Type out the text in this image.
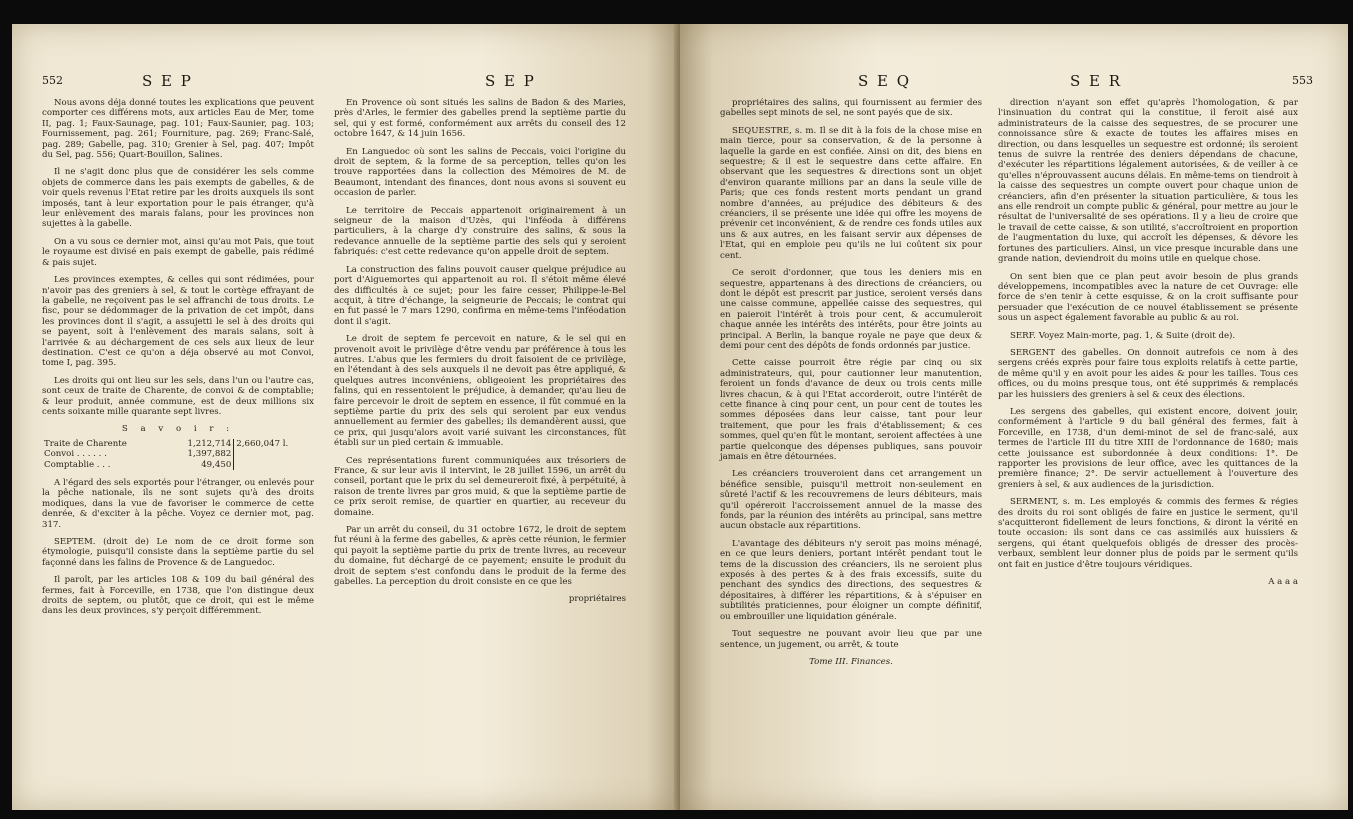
552	S E P	S E P

Nous avons déja donné toutes les explications que peuvent comporter ces différens mots, aux articles Eau de Mer, tome II, pag. 1; Faux-Saunage, pag. 101; Faux-Saunier, pag. 103; Fournissement, pag. 261; Fourniture, pag. 269; Franc-Salé, pag. 289; Gabelle, pag. 310; Grenier à Sel, pag. 407; Impôt du Sel, pag. 556; Quart-Bouillon, Salines.

Il ne s'agit donc plus que de considérer les sels comme objets de commerce dans les pais exempts de gabelles, & de voir quels revenus l'Etat retire par les droits auxquels ils sont imposés, tant à leur exportation pour le pais étranger, qu'à leur enlèvement des marais falans, pour les provinces non sujettes à la gabelle.

On a vu sous ce dernier mot, ainsi qu'au mot Pais, que tout le royaume est divisé en pais exempt de gabelle, pais rédimé & pais sujet.

Les provinces exemptes, & celles qui sont rédimées, pour n'avoir pas des greniers à sel, & tout le cortège effrayant de la gabelle, ne reçoivent pas le sel affranchi de tous droits. Le fisc, pour se dédommager de la privation de cet impôt, dans les provinces dont il s'agit, a assujetti le sel à des droits qui se payent, soit à l'enlèvement des marais salans, soit à l'arrivée & au déchargement de ces sels aux lieux de leur destination. C'est ce qu'on a déja observé au mot Convoi, tome I, pag. 395.

Les droits qui ont lieu sur les sels, dans l'un ou l'autre cas, sont ceux de traite de Charente, de convoi & de comptablie; & leur produit, année commune, est de deux millions six cents soixante mille quarante sept livres.

S a v o i r :
Traite de Charente	1,212,714	2,660,047 l.
Convoi . . . . . .	1,397,882	
Comptablie . . .	49,450	

A l'égard des sels exportés pour l'étranger, ou enlevés pour la pêche nationale, ils ne sont sujets qu'à des droits modiques, dans la vue de favoriser le commerce de cette denrée, & d'exciter à la pêche. Voyez ce dernier mot, pag. 317.

SEPTEM. (droit de) Le nom de ce droit forme son étymologie, puisqu'il consiste dans la septième partie du sel façonné dans les falins de Provence & de Languedoc.

Il paroît, par les articles 108 & 109 du bail général des fermes, fait à Forceville, en 1738, que l'on distingue deux droits de septem, ou plutôt, que ce droit, qui est le même dans les deux provinces, s'y perçoit différemment.

En Provence où sont situés les salins de Badon & des Maries, près d'Arles, le fermier des gabelles prend la septième partie du sel, qui y est formé, conformément aux arrêts du conseil des 12 octobre 1647, & 14 juin 1656.

En Languedoc où sont les salins de Peccais, voici l'origine du droit de septem, & la forme de sa perception, telles qu'on les trouve rapportées dans la collection des Mémoires de M. de Beaumont, intendant des finances, dont nous avons si souvent eu occasion de parler.

Le territoire de Peccais appartenoit originairement à un seigneur de la maison d'Uzès, qui l'inféoda à différens particuliers, à la charge d'y construire des salins, & sous la redevance annuelle de la septième partie des sels qui y seroient fabriqués: c'est cette redevance qu'on appelle droit de septem.

La construction des falins pouvoit causer quelque préjudice au port d'Aiguemortes qui appartenoit au roi. Il s'étoit même élevé des difficultés à ce sujet; pour les faire cesser, Philippe-le-Bel acquit, à titre d'échange, la seigneurie de Peccais; le contrat qui en fut passé le 7 mars 1290, confirma en même-tems l'inféodation dont il s'agit.

Le droit de septem fe percevoit en nature, & le sel qui en provenoit avoit le privilège d'être vendu par préférence à tous les autres. L'abus que les fermiers du droit faisoient de ce privilège, en l'étendant à des sels auxquels il ne devoit pas être appliqué, & quelques autres inconvéniens, obligeoient les propriétaires des falins, qui en ressentoient le préjudice, à demander, qu'au lieu de faire percevoir le droit de septem en essence, il fût commué en la septième partie du prix des sels qui seroient par eux vendus annuellement au fermier des gabelles; ils demandèrent aussi, que ce prix, qui jusqu'alors avoit varié suivant les circonstances, fût établi sur un pied certain & immuable.

Ces représentations furent communiquées aux trésoriers de France, & sur leur avis il intervint, le 28 juillet 1596, un arrêt du conseil, portant que le prix du sel demeureroit fixé, à perpétuité, à raison de trente livres par gros muid, & que la septième partie de ce prix seroit remise, de quartier en quartier, au receveur du domaine.

Par un arrêt du conseil, du 31 octobre 1672, le droit de septem fut réuni à la ferme des gabelles, & après cette réunion, le fermier qui payoit la septième partie du prix de trente livres, au receveur du domaine, fut déchargé de ce payement; ensuite le produit du droit de septem s'est confondu dans le produit de la ferme des gabelles. La perception du droit consiste en ce que les

propriétaires
S E Q	S E R	553

propriétaires des salins, qui fournissent au fermier des gabelles sept minots de sel, ne sont payés que de six.

SEQUESTRE, s. m. Il se dit à la fois de la chose mise en main tierce, pour sa conservation, & de la personne à laquelle la garde en est confiée. Ainsi on dit, des biens en sequestre; & il est le sequestre dans cette affaire. En observant que les sequestres & directions sont un objet d'environ quarante millions par an dans la seule ville de Paris; que ces fonds restent morts pendant un grand nombre d'années, au préjudice des débiteurs & des créanciers, il se présente une idée qui offre les moyens de prévenir cet inconvénient, & de rendre ces fonds utiles aux uns & aux autres, en les faisant servir aux dépenses de l'Etat, qui en emploie peu qu'ils ne lui coûtent six pour cent.

Ce seroit d'ordonner, que tous les deniers mis en sequestre, appartenans à des directions de créanciers, ou dont le dépôt est prescrit par justice, seroient versés dans une caisse commune, appellée caisse des sequestres, qui en paieroit l'intérêt à trois pour cent, & accumuleroit chaque année les intérêts des intérêts, pour être joints au principal. A Berlin, la banque royale ne paye que deux & demi pour cent des dépôts de fonds ordonnés par justice.

Cette caisse pourroit être régie par cinq ou six administrateurs, qui, pour cautionner leur manutention, feroient un fonds d'avance de deux ou trois cents mille livres chacun, & à qui l'Etat accorderoit, outre l'intérêt de cette finance à cinq pour cent, un pour cent de toutes les sommes déposées dans leur caisse, tant pour leur traitement, que pour les frais d'établissement; & ces sommes, quel qu'en fût le montant, seroient affectées à une partie quelconque des dépenses publiques, sans pouvoir jamais en être détournées.

Les créanciers trouveroient dans cet arrangement un bénéfice sensible, puisqu'il mettroit non-seulement en sûreté l'actif & les recouvremens de leurs débiteurs, mais qu'il opéreroit l'accroissement annuel de la masse des fonds, par la réunion des intérêts au principal, sans mettre aucun obstacle aux répartitions.

L'avantage des débiteurs n'y seroit pas moins ménagé, en ce que leurs deniers, portant intérêt pendant tout le tems de la discussion des créanciers, ils ne seroient plus exposés à des pertes & à des frais excessifs, suite du penchant des syndics des directions, des sequestres & dépositaires, à différer les répartitions, & à s'épuiser en subtilités praticiennes, pour éloigner un compte définitif, ou embrouiller une liquidation générale.

Tout sequestre ne pouvant avoir lieu que par une sentence, un jugement, ou arrêt, & toute

Tome III. Finances.

direction n'ayant son effet qu'après l'homologation, & par l'insinuation du contrat qui la constitue, il feroit aisé aux administrateurs de la caisse des sequestres, de se procurer une connoissance sûre & exacte de toutes les affaires mises en direction, ou dans lesquelles un sequestre est ordonné; ils seroient tenus de suivre la rentrée des deniers dépendans de chacune, d'exécuter les répartitions légalement autorisées, & de veiller à ce qu'elles n'éprouvassent aucuns délais. En même-tems on tiendroit à la caisse des sequestres un compte ouvert pour chaque union de créanciers, afin d'en présenter la situation particulière, & tous les ans elle rendroit un compte public & général, pour mettre au jour le résultat de l'universalité de ses opérations. Il y a lieu de croire que le travail de cette caisse, & son utilité, s'accroîtroient en proportion de l'augmentation du luxe, qui accroît les dépenses, & dévore les fortunes des particuliers. Ainsi, un vice presque incurable dans une grande nation, deviendroit du moins utile en quelque chose.

On sent bien que ce plan peut avoir besoin de plus grands développemens, incompatibles avec la nature de cet Ouvrage: elle force de s'en tenir à cette esquisse, & on la croit suffisante pour persuader que l'exécution de ce nouvel établissement se présente sous un aspect également favorable au public & au roi.

SERF. Voyez Main-morte, pag. 1, & Suite (droit de).

SERGENT des gabelles. On donnoit autrefois ce nom à des sergens créés exprès pour faire tous exploits relatifs à cette partie, de même qu'il y en avoit pour les aides & pour les tailles. Tous ces offices, ou du moins presque tous, ont été supprimés & remplacés par les huissiers des greniers à sel & ceux des élections.

Les sergens des gabelles, qui existent encore, doivent jouir, conformément à l'article 9 du bail général des fermes, fait à Forceville, en 1738, d'un demi-minot de sel de franc-salé, aux termes de l'article III du titre XIII de l'ordonnance de 1680; mais cette jouissance est subordonnée à deux conditions: 1°. De rapporter les provisions de leur office, avec les quittances de la première finance; 2°. De servir actuellement à l'ouverture des greniers à sel, & aux audiences de la jurisdiction.

SERMENT, s. m. Les employés & commis des fermes & régies des droits du roi sont obligés de faire en justice le serment, qu'il s'acquitteront fidellement de leurs fonctions, & diront la vérité en toute occasion: ils sont dans ce cas assimilés aux huissiers & sergens, qui étant quelquefois obligés de dresser des procès-verbaux, semblent leur donner plus de poids par le serment qu'ils ont fait en justice d'être toujours véridiques.

A a a a
